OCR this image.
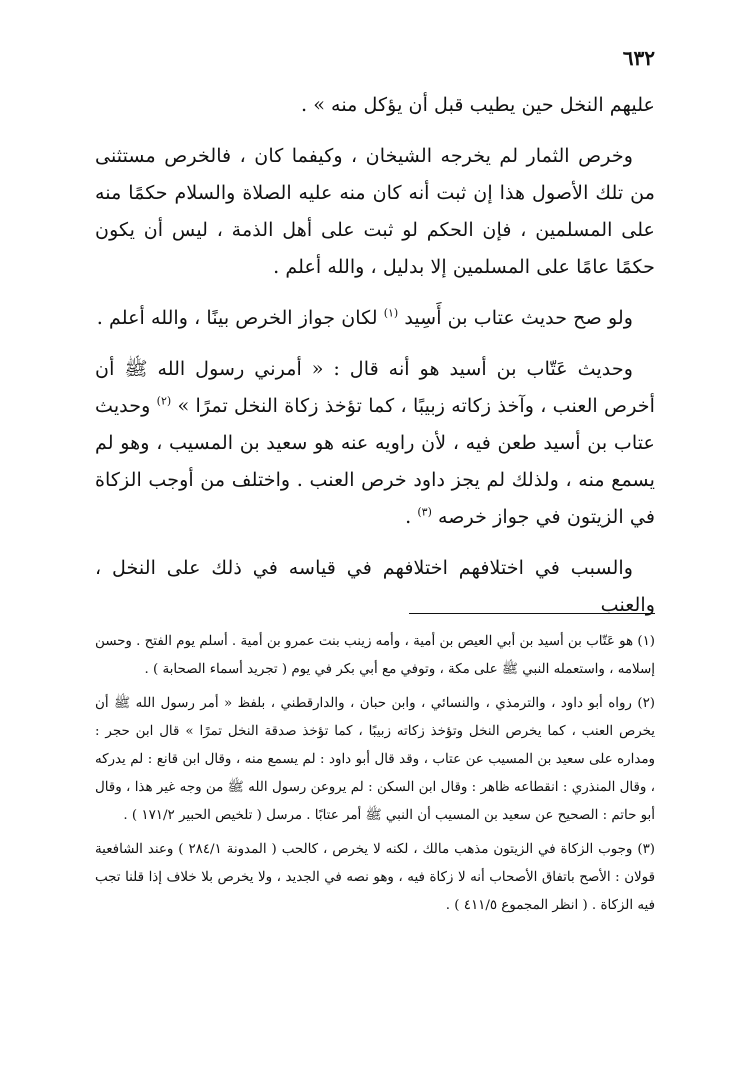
٦٣٢

عليهم النخل حين يطيب قبل أن يؤكل منه » .

وخرص الثمار لم يخرجه الشيخان ، وكيفما كان ، فالخرص مستثنى من تلك الأصول هذا إن ثبت أنه كان منه عليه الصلاة والسلام حكمًا منه على المسلمين ، فإن الحكم لو ثبت على أهل الذمة ، ليس أن يكون حكمًا عامًا على المسلمين إلا بدليل ، والله أعلم .

ولو صح حديث عتاب بن أَسِيد $^{(١)}$ لكان جواز الخرص بينًا ، والله أعلم .

وحديث عَتّاب بن أسيد هو أنه قال : « أمرني رسول الله ﷺ أن أخرص العنب ، وآخذ زكاته زبيبًا ، كما تؤخذ زكاة النخل تمرًا » $^{(٢)}$ وحديث عتاب بن أسيد طعن فيه ، لأن راويه عنه هو سعيد بن المسيب ، وهو لم يسمع منه ، ولذلك لم يجز داود خرص العنب . واختلف من أوجب الزكاة في الزيتون في جواز خرصه $^{(٣)}$ .

والسبب في اختلافهم اختلافهم في قياسه في ذلك على النخل ، والعنب

(١) هو عَتّاب بن أسيد بن أبي العيص بن أمية ، وأمه زينب بنت عمرو بن أمية . أسلم يوم الفتح . وحسن إسلامه ، واستعمله النبي ﷺ على مكة ، وتوفي مع أبي بكر في يوم ( تجريد أسماء الصحابة ) .

(٢) رواه أبو داود ، والترمذي ، والنسائي ، وابن حبان ، والدارقطني ، بلفظ « أمر رسول الله ﷺ أن يخرص العنب ، كما يخرص النخل وتؤخذ زكاته زبيبًا ، كما تؤخذ صدقة النخل تمرًا » قال ابن حجر : ومداره على سعيد بن المسيب عن عتاب ، وقد قال أبو داود : لم يسمع منه ، وقال ابن قانع : لم يدركه ، وقال المنذري : انقطاعه ظاهر : وقال ابن السكن : لم يروعن رسول الله ﷺ من وجه غير هذا ، وقال أبو حاتم : الصحيح عن سعيد بن المسيب أن النبي ﷺ أمر عتابًا . مرسل ( تلخيص الحبير ١٧١/٢ ) .

(٣) وجوب الزكاة في الزيتون مذهب مالك ، لكنه لا يخرص ، كالحب ( المدونة ٢٨٤/١ ) وعند الشافعية قولان : الأصح باتفاق الأصحاب أنه لا زكاة فيه ، وهو نصه في الجديد ، ولا يخرص بلا خلاف إذا قلنا تجب فيه الزكاة . ( انظر المجموع ٤١١/٥ ) .
